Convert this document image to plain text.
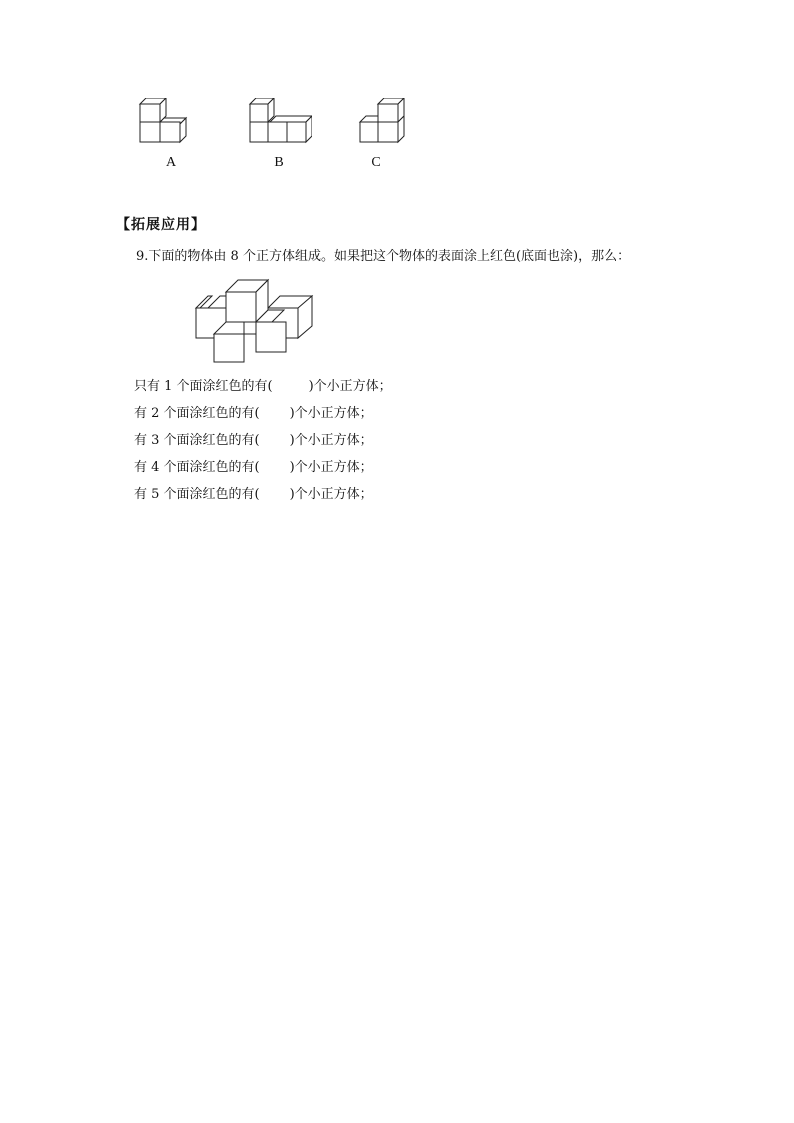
A	B	C
【拓展应用】
9.下面的物体由 8 个正方体组成。如果把这个物体的表面涂上红色(底面也涂)，那么：
只有 1 个面涂红色的有(	)个小正方体；
有 2 个面涂红色的有( )个小正方体；
有 3 个面涂红色的有( )个小正方体；
有 4 个面涂红色的有( )个小正方体；
有 5 个面涂红色的有( )个小正方体；
